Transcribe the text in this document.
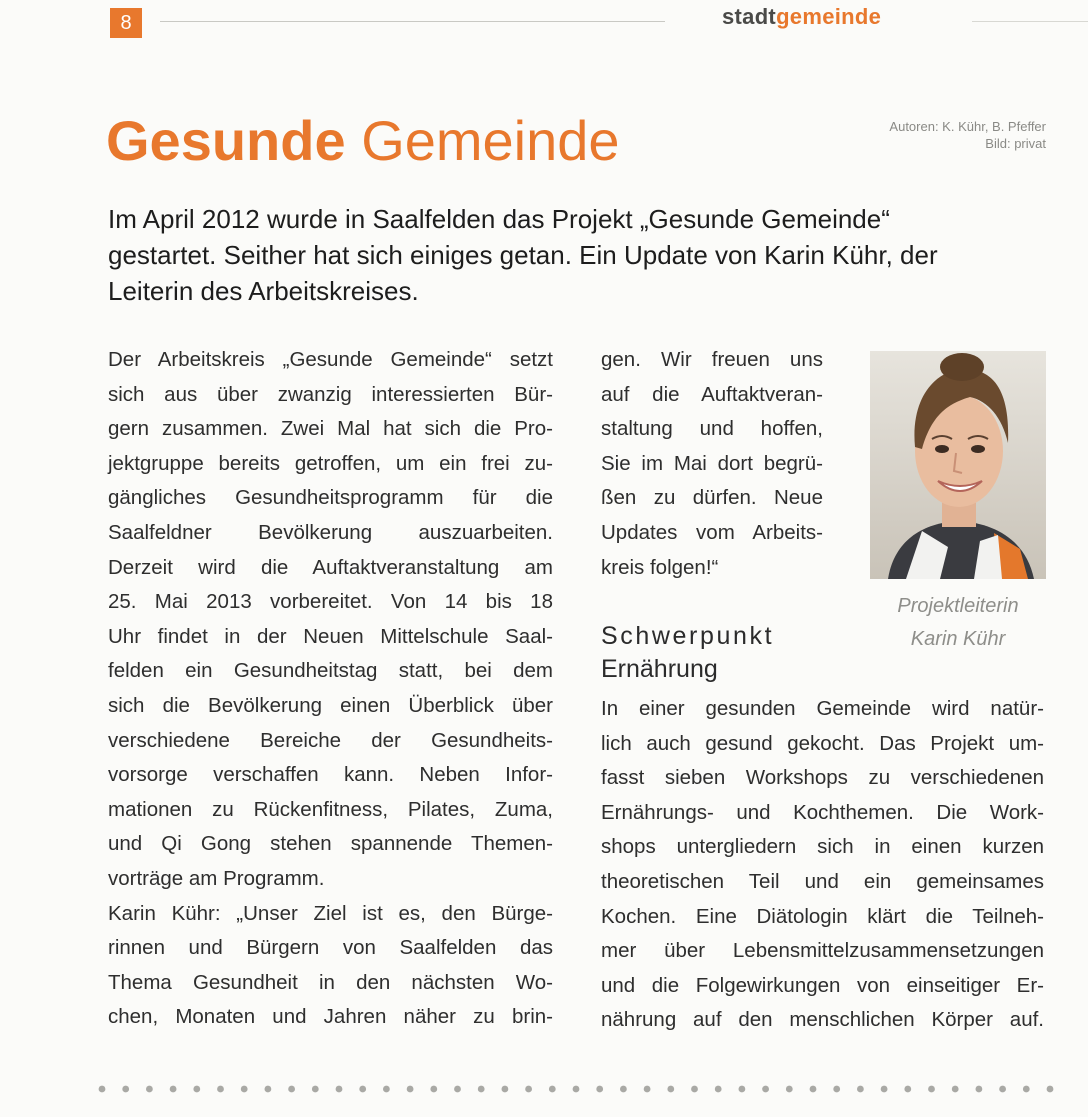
8	stadtgemeinde
Gesunde Gemeinde	Autoren: K. Kühr, B. Pfeffer
Bild: privat

Im April 2012 wurde in Saalfelden das Projekt „Gesunde Gemeinde“

gestartet. Seither hat sich einiges getan. Ein Update von Karin Kühr, der

Leiterin des Arbeitskreises.

Der Arbeitskreis „Gesunde Gemeinde“ setzt
sich aus über zwanzig interessierten Bür-
gern zusammen. Zwei Mal hat sich die Pro-
jektgruppe bereits getroffen, um ein frei zu-
gängliches Gesundheitsprogramm für die
Saalfeldner Bevölkerung auszuarbeiten.
Derzeit wird die Auftaktveranstaltung am
25. Mai 2013 vorbereitet. Von 14 bis 18
Uhr findet in der Neuen Mittelschule Saal-
felden ein Gesundheitstag statt, bei dem
sich die Bevölkerung einen Überblick über
verschiedene Bereiche der Gesundheits-
vorsorge verschaffen kann. Neben Infor-
mationen zu Rückenfitness, Pilates, Zuma,
und Qi Gong stehen spannende Themen-
vorträge am Programm.
Karin Kühr: „Unser Ziel ist es, den Bürge-
rinnen und Bürgern von Saalfelden das
Thema Gesundheit in den nächsten Wo-
chen, Monaten und Jahren näher zu brin-
gen. Wir freuen uns
auf die Auftaktveran-
staltung und hoffen,
Sie im Mai dort begrü-
ßen zu dürfen. Neue
Updates vom Arbeits-
kreis folgen!“
Projektleiterin
Karin Kühr
Schwerpunkt
Ernährung
In einer gesunden Gemeinde wird natür-
lich auch gesund gekocht. Das Projekt um-
fasst sieben Workshops zu verschiedenen
Ernährungs- und Kochthemen. Die Work-
shops untergliedern sich in einen kurzen
theoretischen Teil und ein gemeinsames
Kochen. Eine Diätologin klärt die Teilneh-
mer über Lebensmittelzusammensetzungen
und die Folgewirkungen von einseitiger Er-
nährung auf den menschlichen Körper auf.
